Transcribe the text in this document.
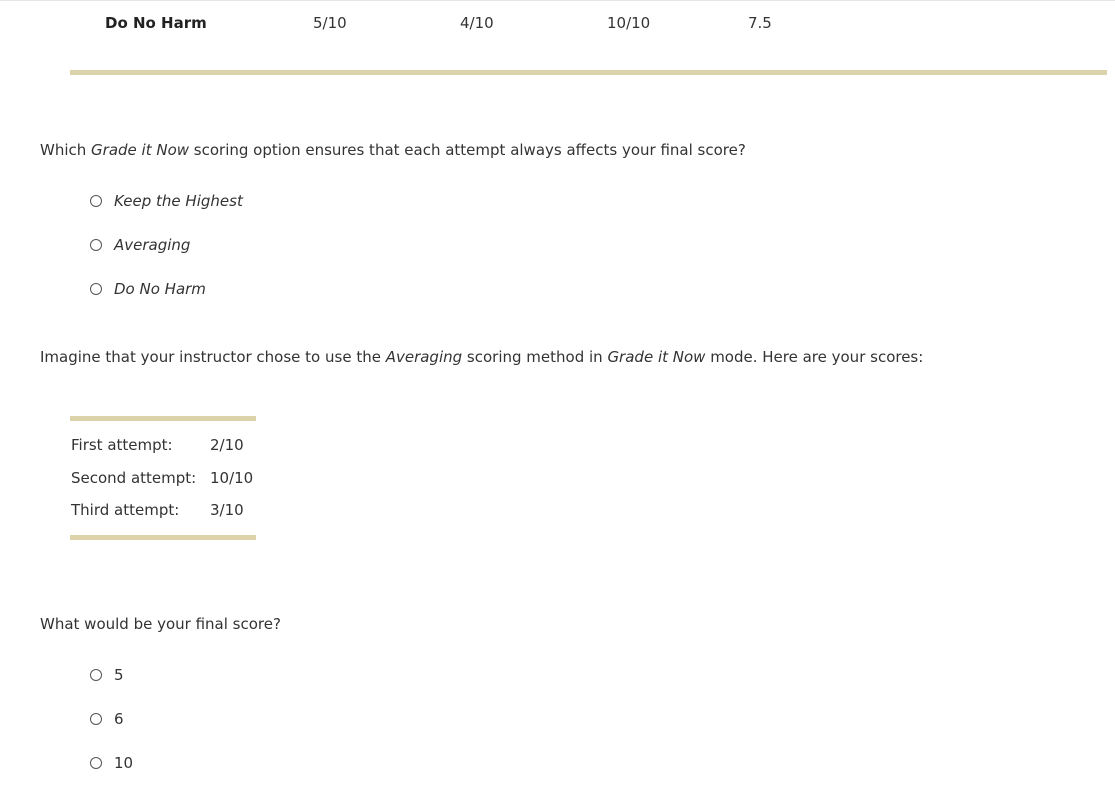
Do No Harm	5/10	4/10	10/10	7.5
Which Grade it Now scoring option ensures that each attempt always affects your final score?
Keep the Highest
Averaging
Do No Harm
Imagine that your instructor chose to use the Averaging scoring method in Grade it Now mode. Here are your scores:
First attempt: 2/10
Second attempt: 10/10
Third attempt: 3/10
What would be your final score?
5
6
10
